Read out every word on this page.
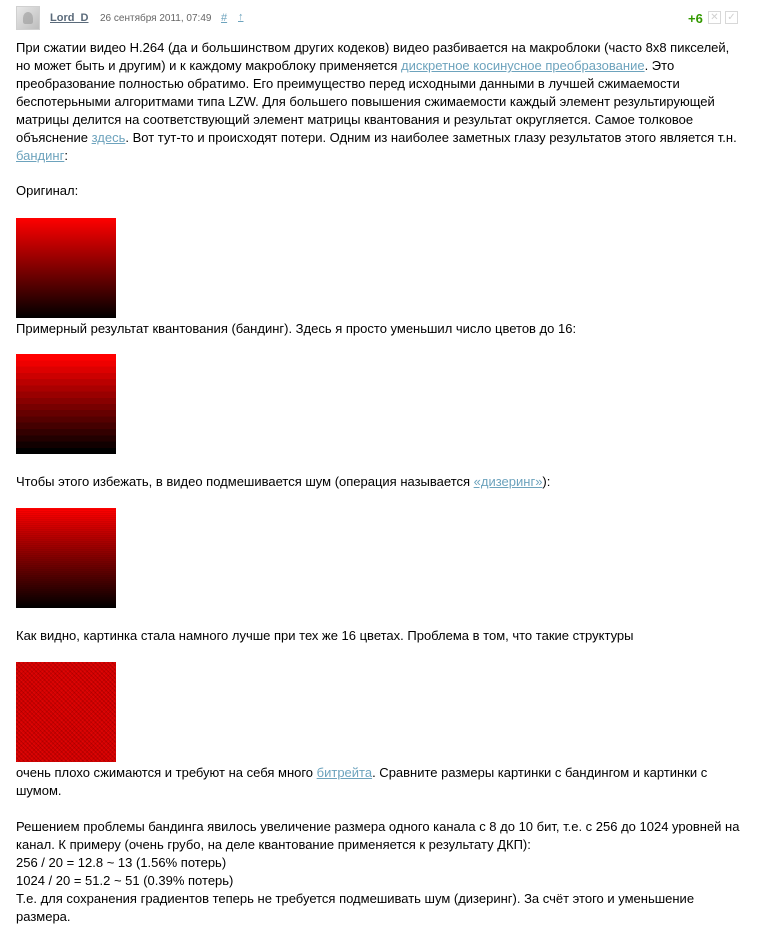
Lord_D 26 сентября 2011, 07:49 # ↑	+6 ✕ ✓

При сжатии видео H.264 (да и большинством других кодеков) видео разбивается на макроблоки (часто 8x8 пикселей, но может быть и другим) и к каждому макроблоку применяется дискретное косинусное преобразование. Это преобразование полностью обратимо. Его преимущество перед исходными данными в лучшей сжимаемости беспотерьными алгоритмами типа LZW. Для большего повышения сжимаемости каждый элемент результирующей матрицы делится на соответствующий элемент матрицы квантования и результат округляется. Самое толковое объяснение здесь. Вот тут-то и происходят потери. Одним из наиболее заметных глазу результатов этого является т.н. бандинг:

Оригинал:
Примерный результат квантования (бандинг). Здесь я просто уменьшил число цветов до 16:
Чтобы этого избежать, в видео подмешивается шум (операция называется «дизеринг»):
Как видно, картинка стала намного лучше при тех же 16 цветах. Проблема в том, что такие структуры
очень плохо сжимаются и требуют на себя много битрейта. Сравните размеры картинки с бандингом и картинки с шумом.
Решением проблемы бандинга явилось увеличение размера одного канала с 8 до 10 бит, т.е. с 256 до 1024 уровней на канал. К примеру (очень грубо, на деле квантование применяется к результату ДКП):
256 / 20 = 12.8 ~ 13 (1.56% потерь)
1024 / 20 = 51.2 ~ 51 (0.39% потерь)
Т.е. для сохранения градиентов теперь не требуется подмешивать шум (дизеринг). За счёт этого и уменьшение размера.
